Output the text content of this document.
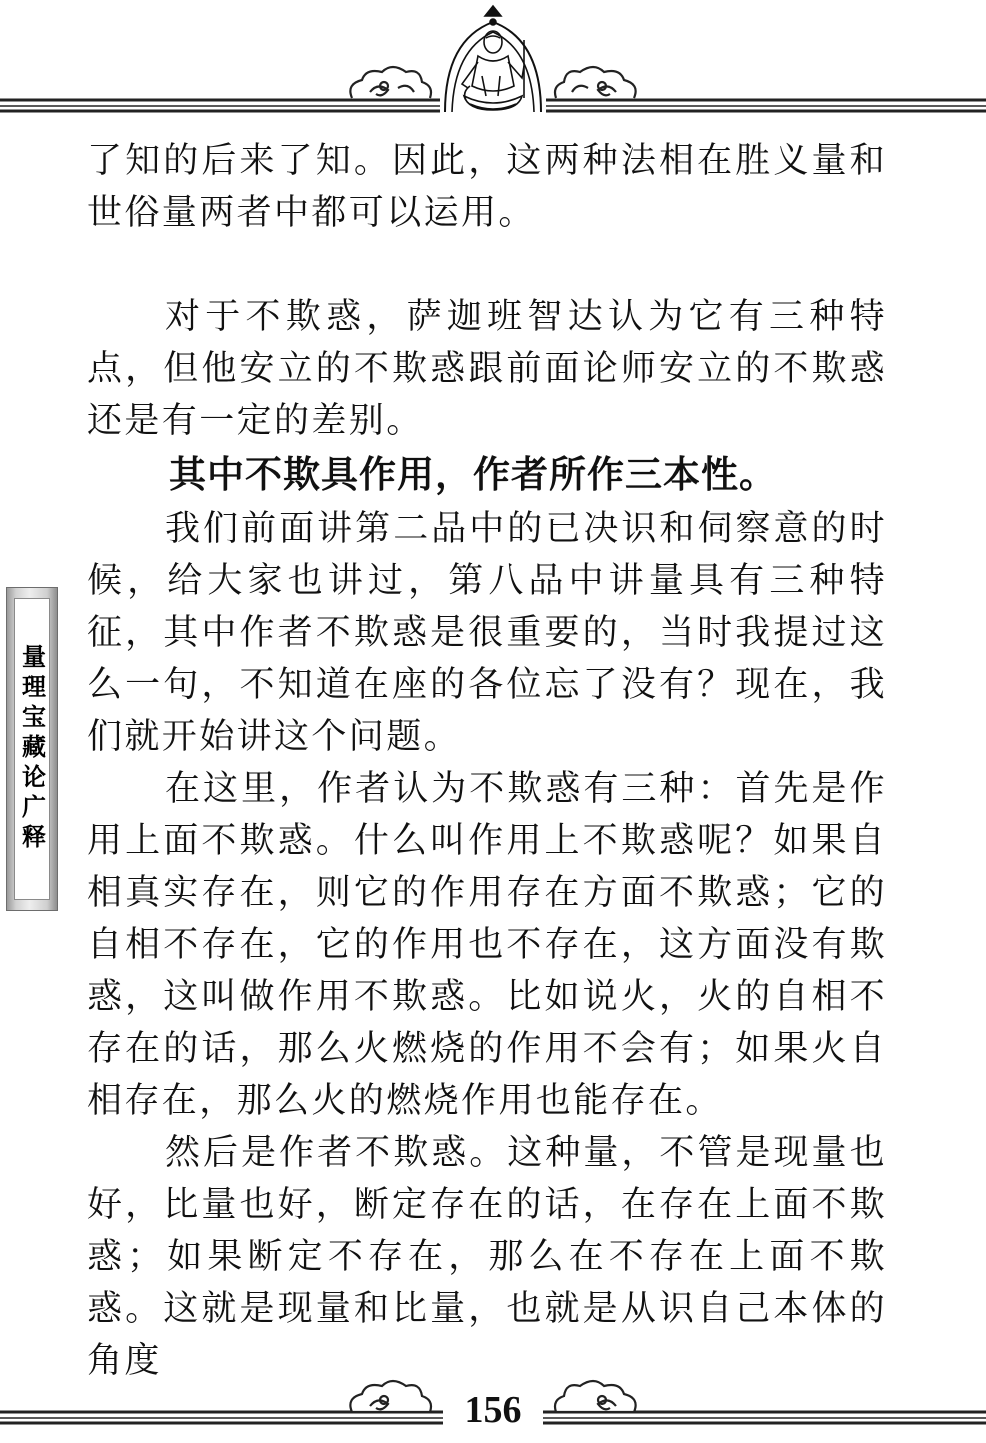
量理宝藏论广释

了知的后来了知。因此，这两种法相在胜义量和世俗量两者中都可以运用。

对于不欺惑，萨迦班智达认为它有三种特点，但他安立的不欺惑跟前面论师安立的不欺惑还是有一定的差别。

其中不欺具作用，作者所作三本性。

我们前面讲第二品中的已决识和伺察意的时候，给大家也讲过，第八品中讲量具有三种特征，其中作者不欺惑是很重要的，当时我提过这么一句，不知道在座的各位忘了没有？现在，我们就开始讲这个问题。

在这里，作者认为不欺惑有三种：首先是作用上面不欺惑。什么叫作用上不欺惑呢？如果自相真实存在，则它的作用存在方面不欺惑；它的自相不存在，它的作用也不存在，这方面没有欺惑，这叫做作用不欺惑。比如说火，火的自相不存在的话，那么火燃烧的作用不会有；如果火自相存在，那么火的燃烧作用也能存在。

然后是作者不欺惑。这种量，不管是现量也好，比量也好，断定存在的话，在存在上面不欺惑；如果断定不存在，那么在不存在上面不欺惑。这就是现量和比量，也就是从识自己本体的角度

156
